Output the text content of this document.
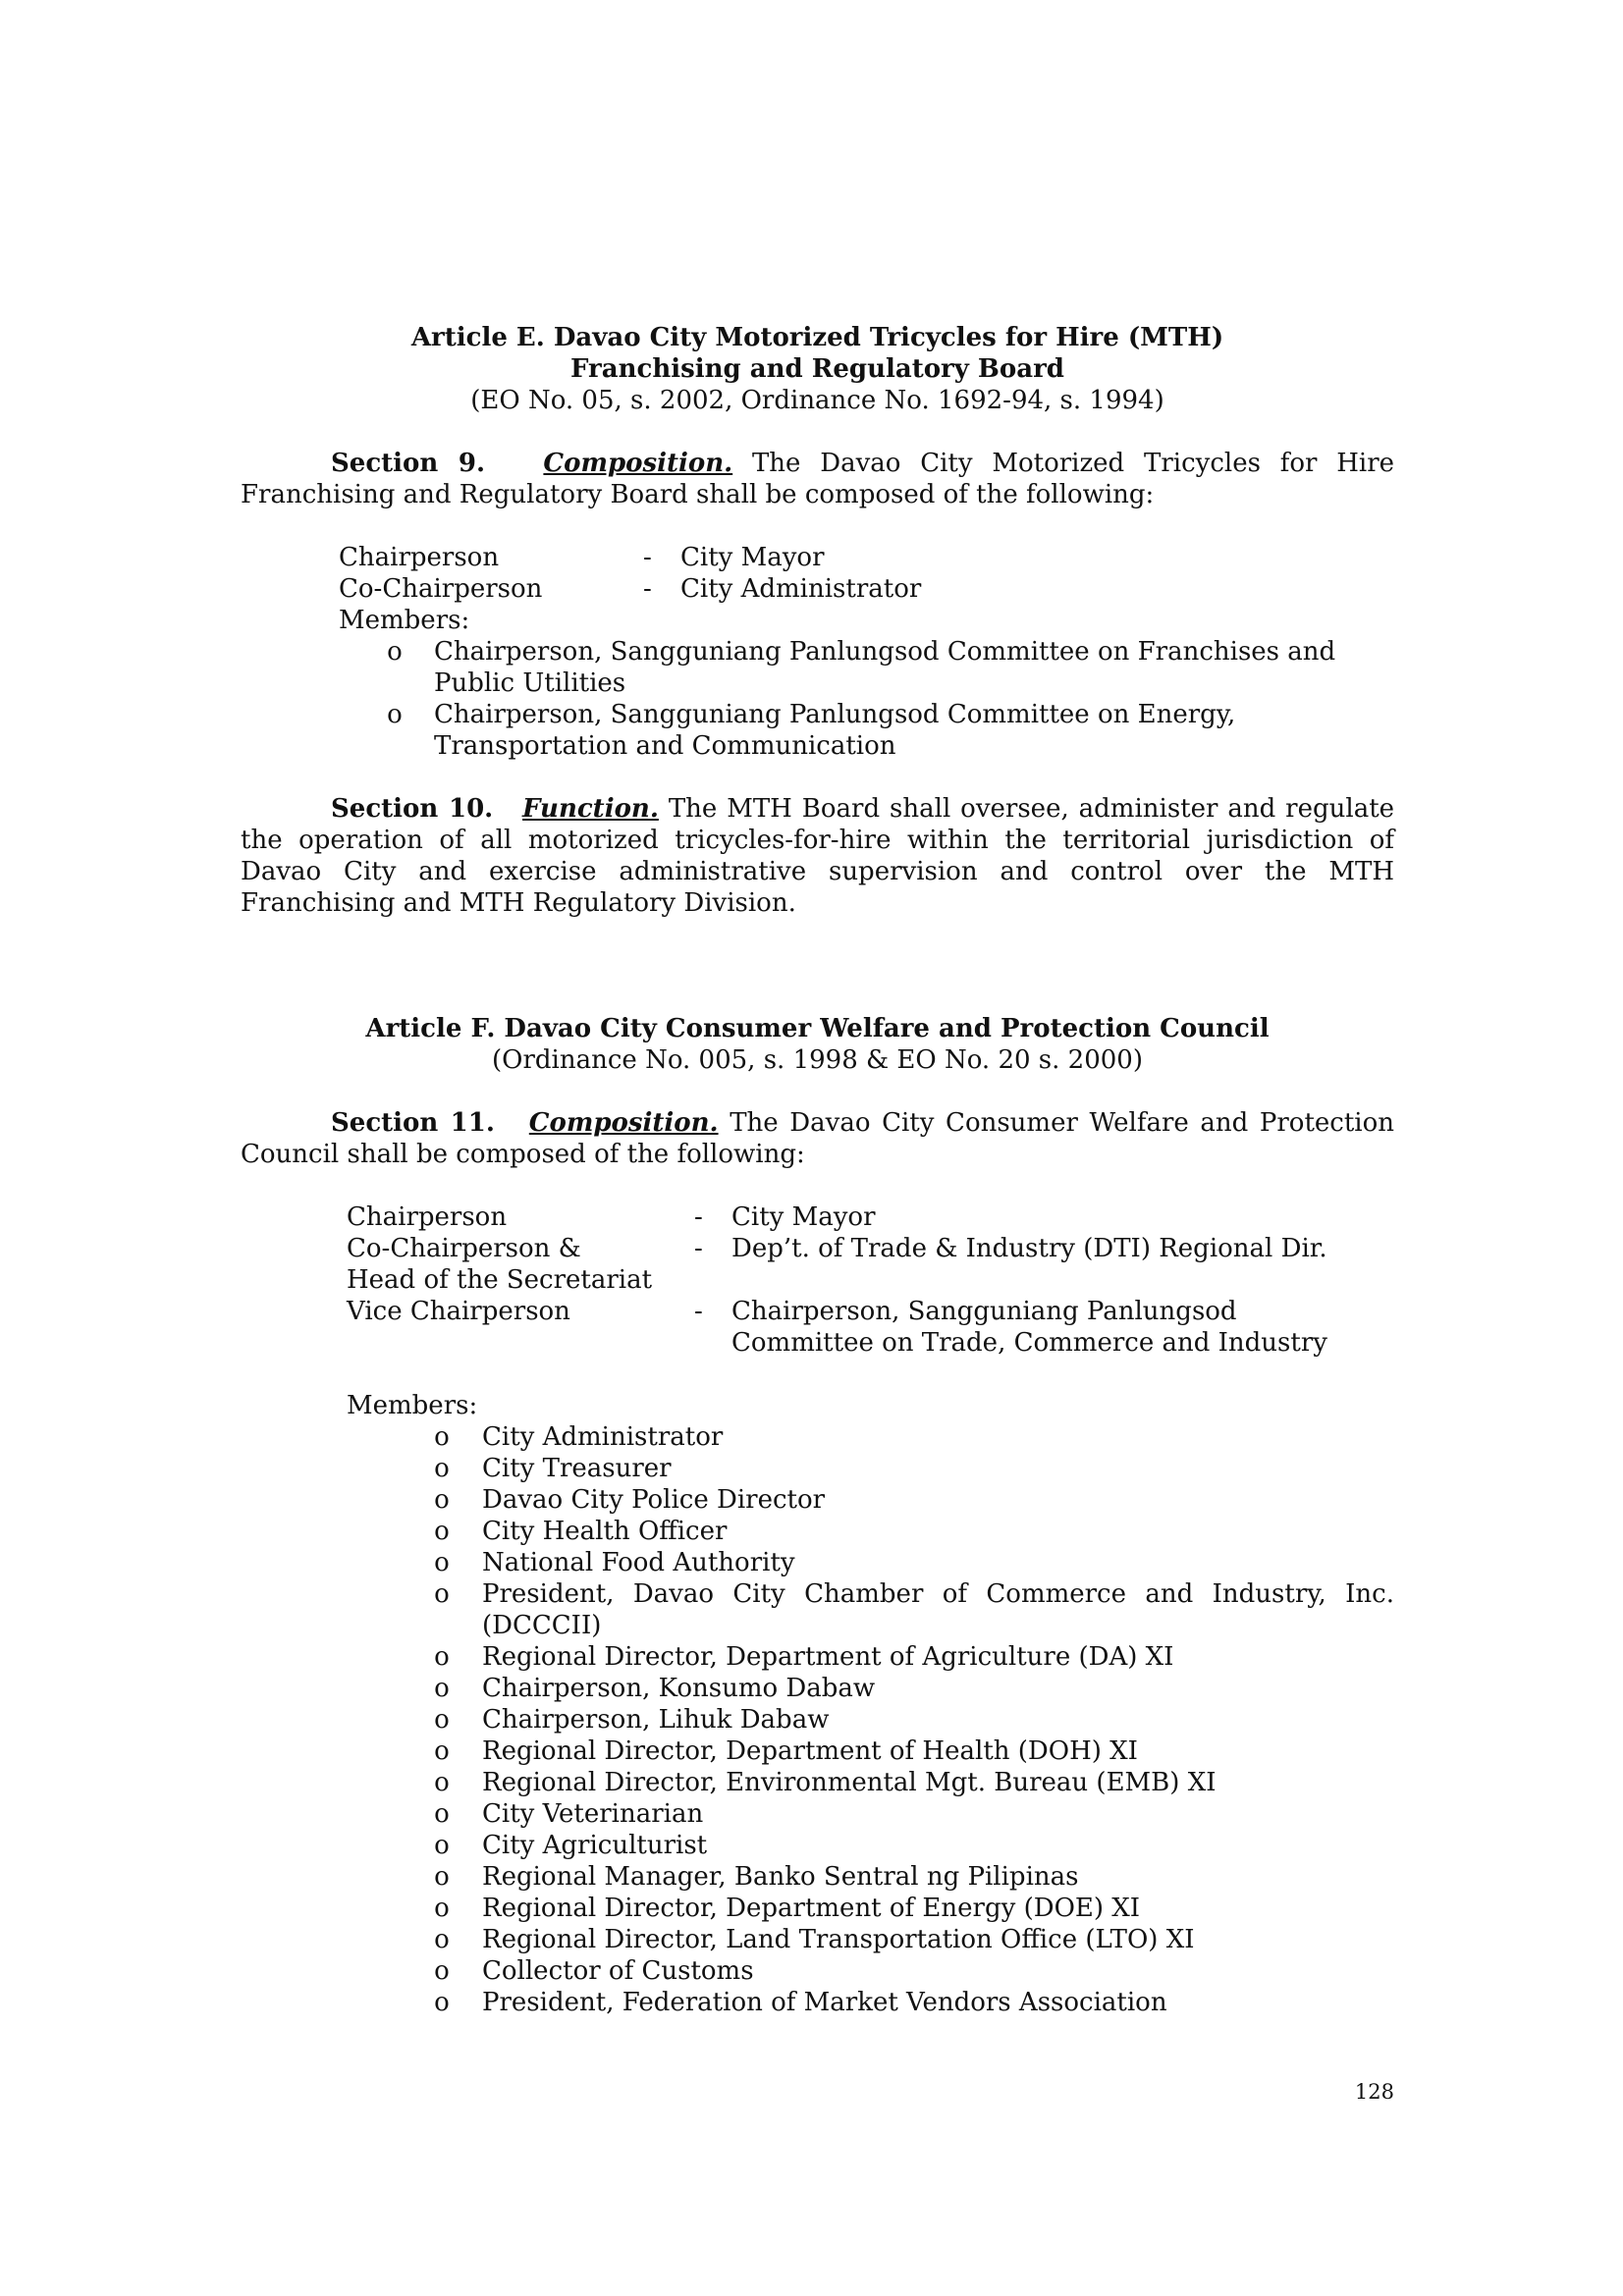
Article E. Davao City Motorized Tricycles for Hire (MTH)
Franchising and Regulatory Board
(EO No. 05, s. 2002, Ordinance No. 1692-94, s. 1994)
Section 9. Composition. The Davao City Motorized Tricycles for Hire Franchising and Regulatory Board shall be composed of the following:
Chairperson	- City Mayor
Co-Chairperson	- City Administrator
Members:
o Chairperson, Sangguniang Panlungsod Committee on Franchises and
Public Utilities
o Chairperson, Sangguniang Panlungsod Committee on Energy,
Transportation and Communication
Section 10. Function. The MTH Board shall oversee, administer and regulate the operation of all motorized tricycles-for-hire within the territorial jurisdiction of Davao City and exercise administrative supervision and control over the MTH Franchising and MTH Regulatory Division.
Article F. Davao City Consumer Welfare and Protection Council
(Ordinance No. 005, s. 1998 & EO No. 20 s. 2000)
Section 11. Composition. The Davao City Consumer Welfare and Protection Council shall be composed of the following:
Chairperson	- City Mayor
Co-Chairperson &	- Dep’t. of Trade & Industry (DTI) Regional Dir.
Head of the Secretariat
Vice Chairperson	- Chairperson, Sangguniang Panlungsod
Committee on Trade, Commerce and Industry
Members:
o City Administrator
o City Treasurer
o Davao City Police Director
o City Health Officer
o National Food Authority
o President, Davao City Chamber of Commerce and Industry, Inc.
(DCCCII)
o Regional Director, Department of Agriculture (DA) XI
o Chairperson, Konsumo Dabaw
o Chairperson, Lihuk Dabaw
o Regional Director, Department of Health (DOH) XI
o Regional Director, Environmental Mgt. Bureau (EMB) XI
o City Veterinarian
o City Agriculturist
o Regional Manager, Banko Sentral ng Pilipinas
o Regional Director, Department of Energy (DOE) XI
o Regional Director, Land Transportation Office (LTO) XI
o Collector of Customs
o President, Federation of Market Vendors Association
128
